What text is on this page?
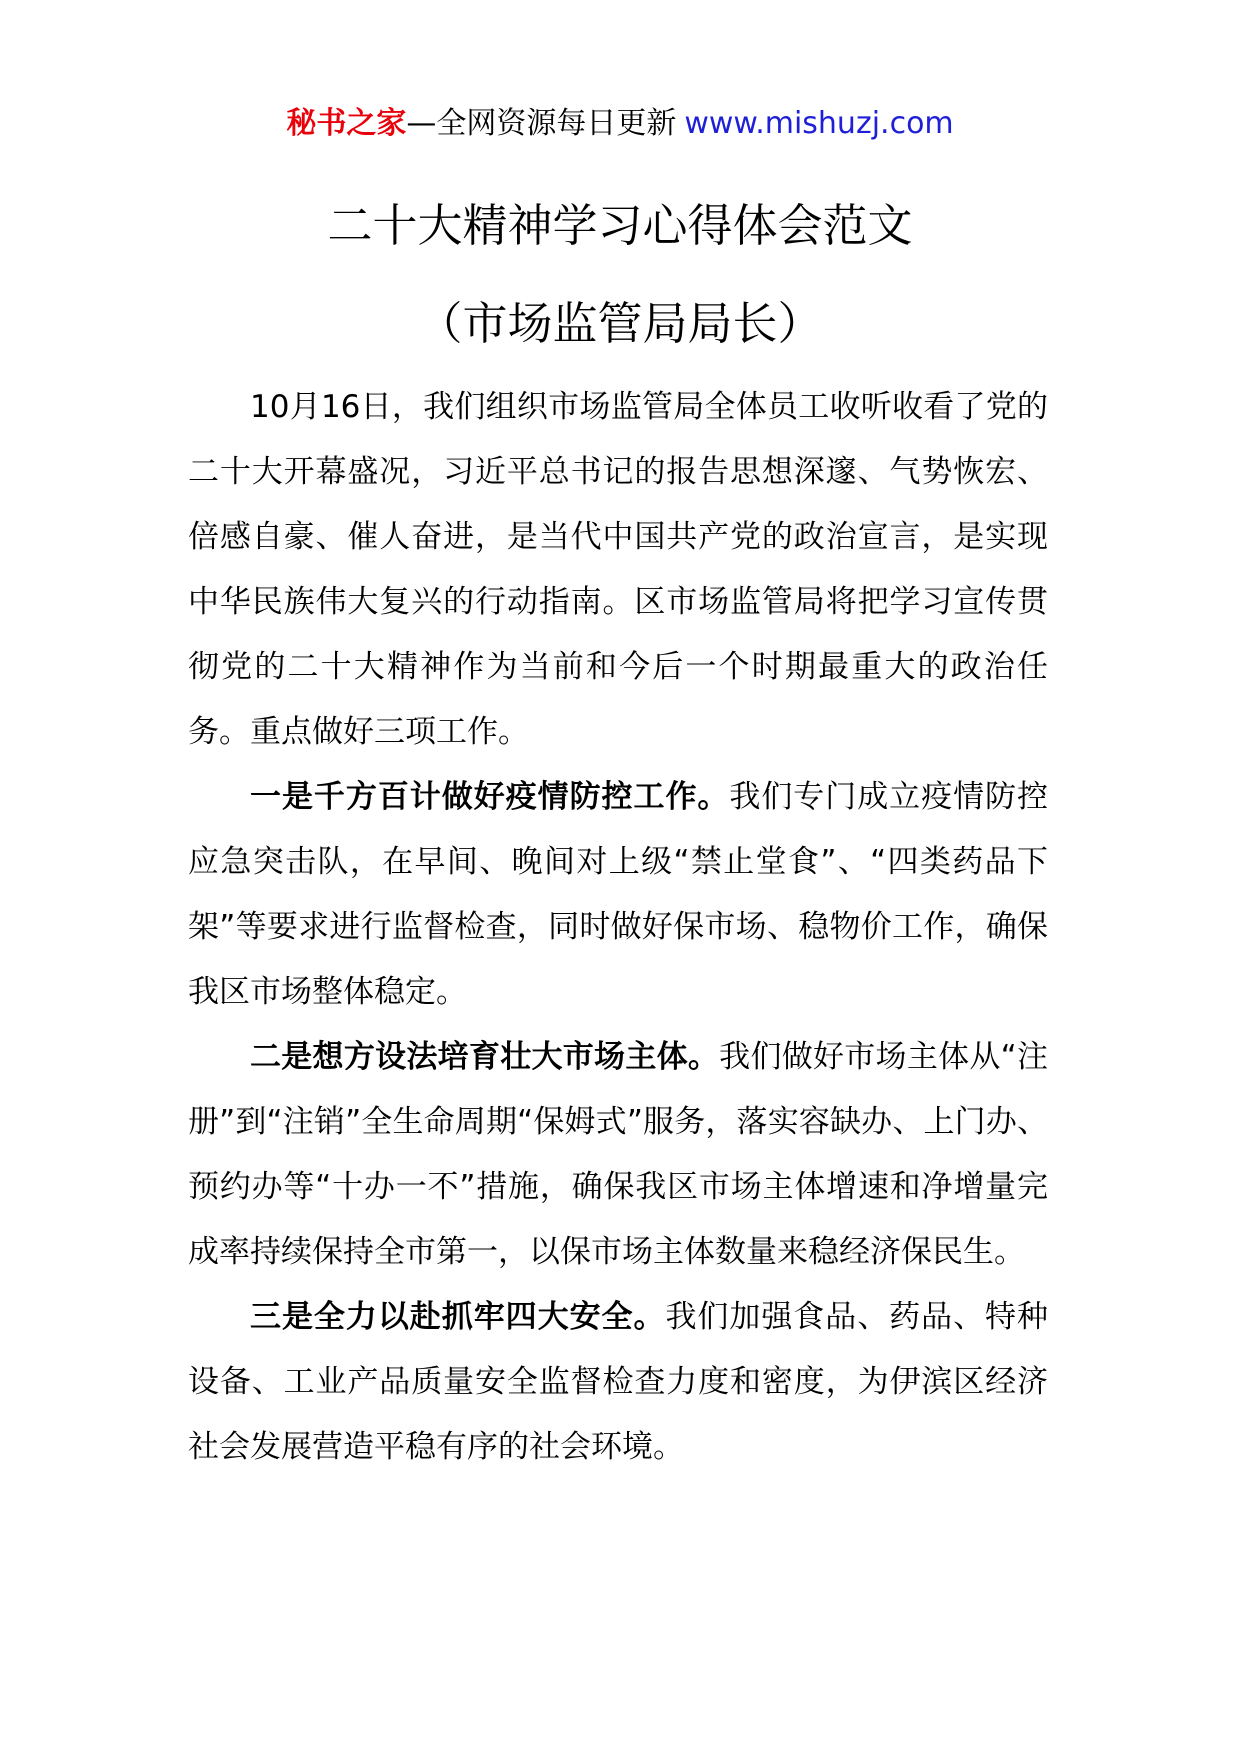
秘书之家—全网资源每日更新 www.mishuzj.com
二十大精神学习心得体会范文
（市场监管局局长）

10月16日，我们组织市场监管局全体员工收听收看了党的二十大开幕盛况，习近平总书记的报告思想深邃、气势恢宏、倍感自豪、催人奋进，是当代中国共产党的政治宣言，是实现中华民族伟大复兴的行动指南。区市场监管局将把学习宣传贯彻党的二十大精神作为当前和今后一个时期最重大的政治任务。重点做好三项工作。

一是千方百计做好疫情防控工作。我们专门成立疫情防控应急突击队，在早间、晚间对上级“禁止堂食”、“四类药品下架”等要求进行监督检查，同时做好保市场、稳物价工作，确保我区市场整体稳定。

二是想方设法培育壮大市场主体。我们做好市场主体从“注册”到“注销”全生命周期“保姆式”服务，落实容缺办、上门办、预约办等“十办一不”措施，确保我区市场主体增速和净增量完成率持续保持全市第一，以保市场主体数量来稳经济保民生。

三是全力以赴抓牢四大安全。我们加强食品、药品、特种设备、工业产品质量安全监督检查力度和密度，为伊滨区经济社会发展营造平稳有序的社会环境。
